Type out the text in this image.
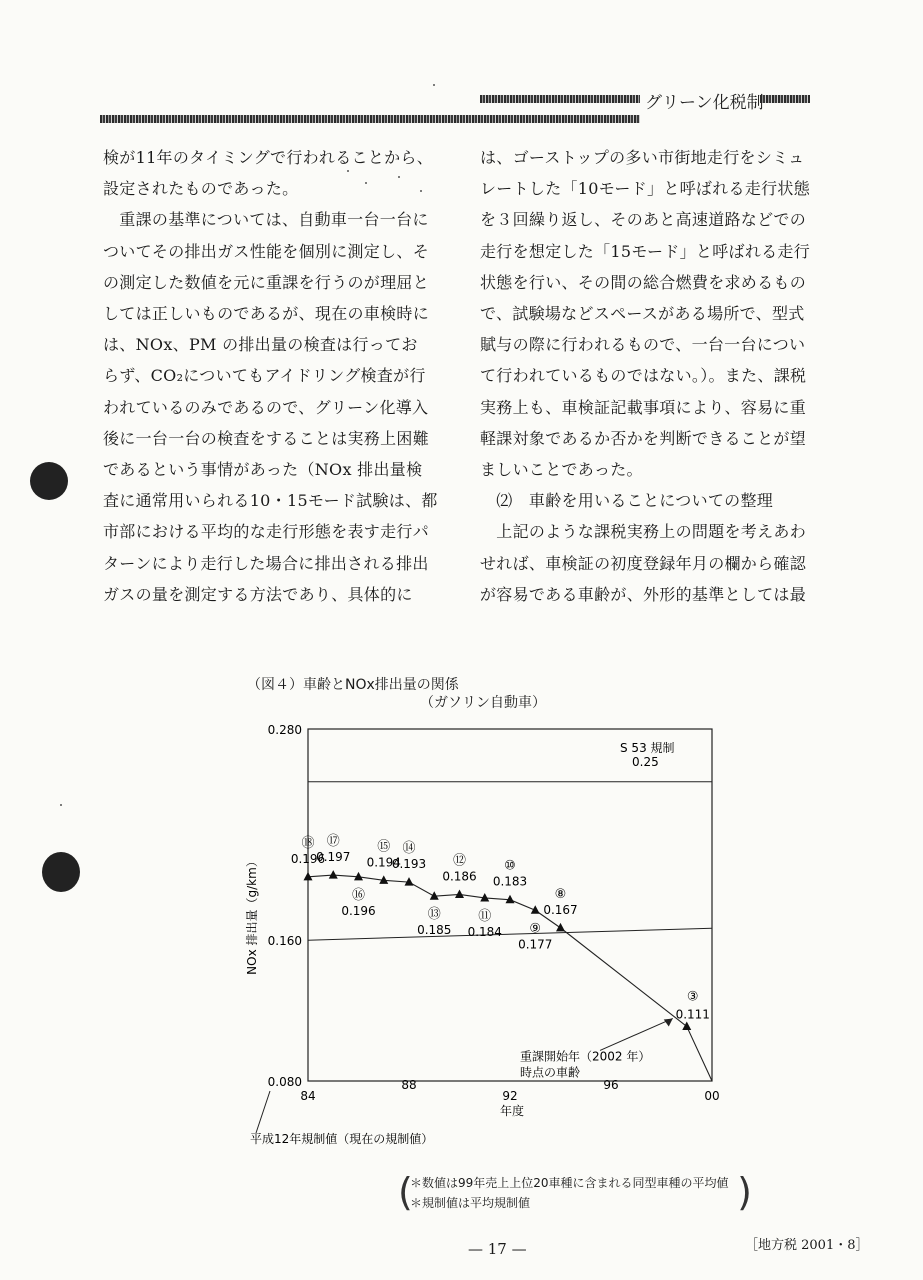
グリーン化税制

検が11年のタイミングで行われることから、

設定されたものであった。

　重課の基準については、自動車一台一台に

ついてその排出ガス性能を個別に測定し、そ

の測定した数値を元に重課を行うのが理屈と

しては正しいものであるが、現在の車検時に

は、NOx、PM の排出量の検査は行ってお

らず、CO₂についてもアイドリング検査が行

われているのみであるので、グリーン化導入

後に一台一台の検査をすることは実務上困難

であるという事情があった（NOx 排出量検

査に通常用いられる10・15モード試験は、都

市部における平均的な走行形態を表す走行パ

ターンにより走行した場合に排出される排出

ガスの量を測定する方法であり、具体的に

は、ゴーストップの多い市街地走行をシミュ

レートした「10モード」と呼ばれる走行状態

を３回繰り返し、そのあと高速道路などでの

走行を想定した「15モード」と呼ばれる走行

状態を行い、その間の総合燃費を求めるもの

で、試験場などスペースがある場所で、型式

賦与の際に行われるもので、一台一台につい

て行われているものではない。）。また、課税

実務上も、車検証記載事項により、容易に重

軽課対象であるか否かを判断できることが望

ましいことであった。

　⑵　車齢を用いることについての整理

　上記のような課税実務上の問題を考えあわ

せれば、車検証の初度登録年月の欄から確認

が容易である車齢が、外形的基準としては最

（図４）車齢とNOx排出量の関係
（ガソリン自動車）
0.080
0.160
0.280
84
88
92
96
00
年度
NOx 排出量（g/km）
S 53 規制
0.25
平成12年規制値（現在の規制値）
⑱
0.196
⑰
0.197
⑯
0.196
⑮
0.194
⑭
0.193
⑬
0.185
⑫
0.186
⑪
0.184
⑩
0.183
⑨
0.177
⑧
0.167
③
0.111
重課開始年（2002 年）
時点の車齢
(
＊数値は99年売上上位20車種に含まれる同型車種の平均値
＊規制値は平均規制値	)
— 17 —	［地方税 2001・8］
